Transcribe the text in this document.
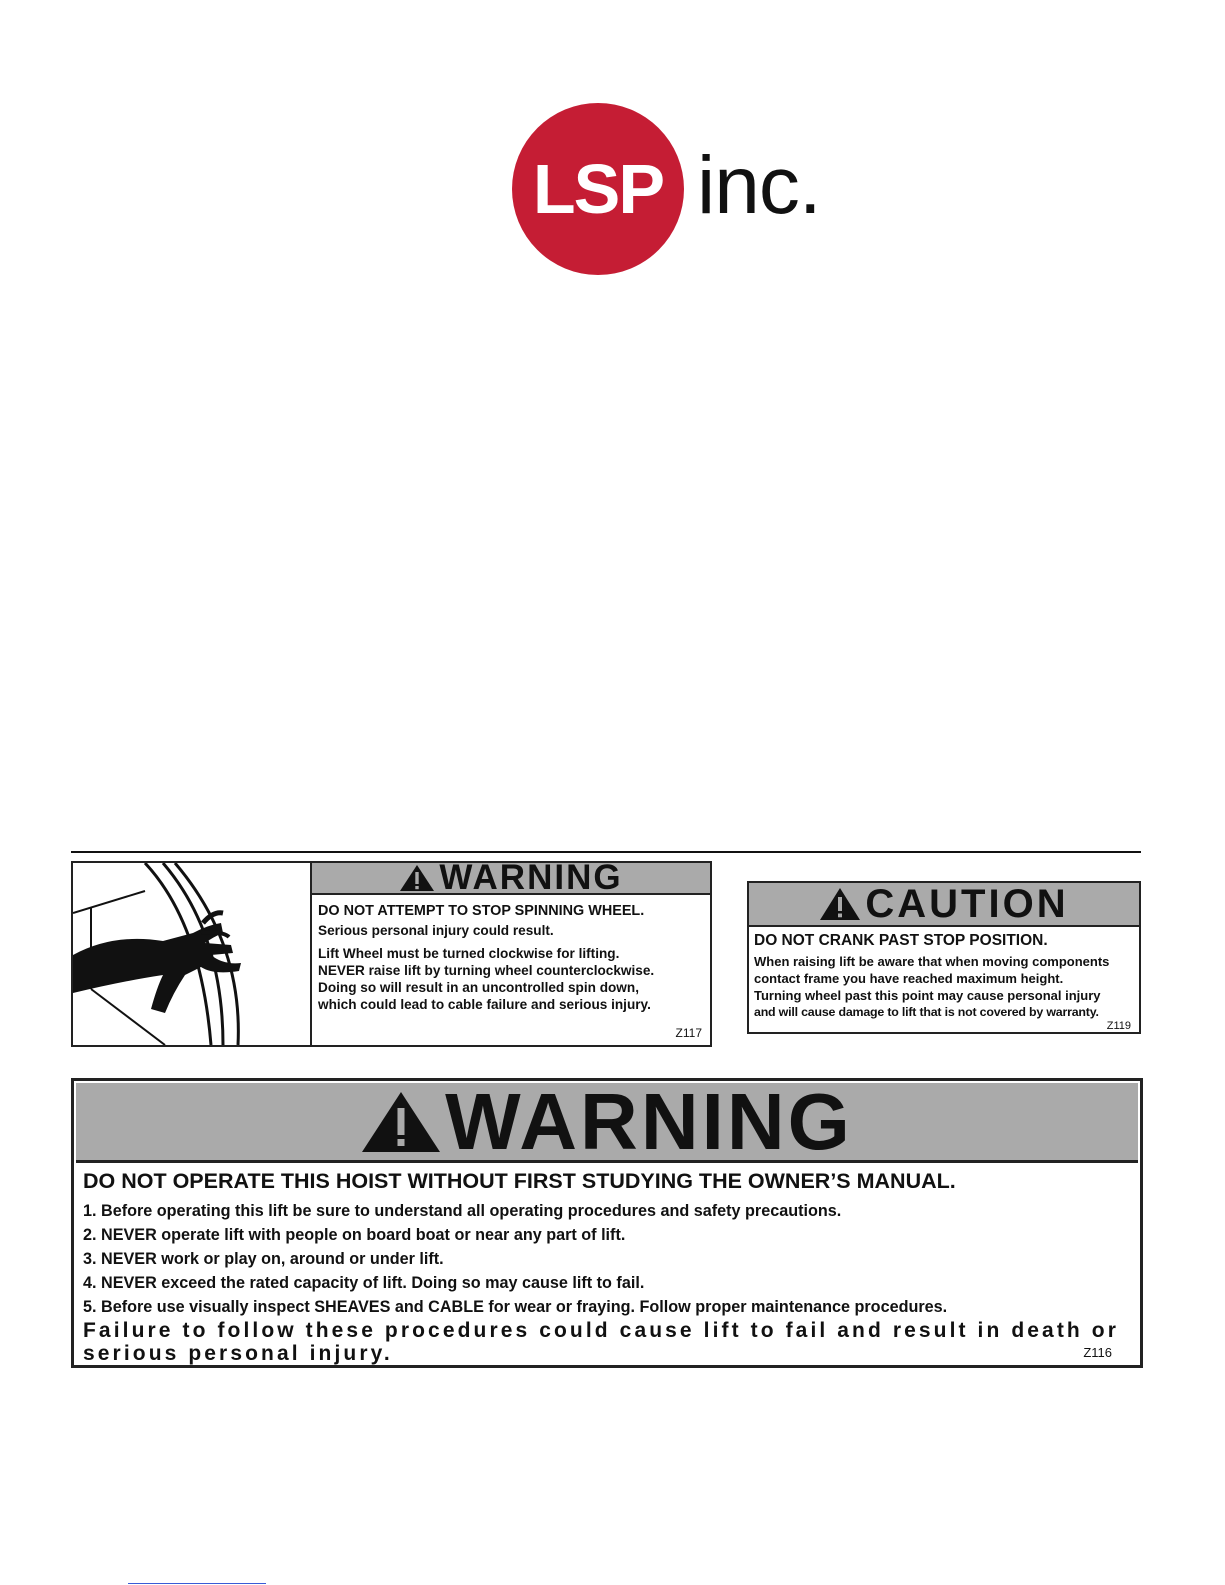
LSP inc.
WARNING
DO NOT ATTEMPT TO STOP SPINNING WHEEL.
Serious personal injury could result.
Lift Wheel must be turned clockwise for lifting.
NEVER raise lift by turning wheel counterclockwise.
Doing so will result in an uncontrolled spin down,
which could lead to cable failure and serious injury.
Z117
CAUTION
DO NOT CRANK PAST STOP POSITION.
When raising lift be aware that when moving components
contact frame you have reached maximum height.
Turning wheel past this point may cause personal injury
and will cause damage to lift that is not covered by warranty.
Z119
WARNING
DO NOT OPERATE THIS HOIST WITHOUT FIRST STUDYING THE OWNER’S MANUAL.
1. Before operating this lift be sure to understand all operating procedures and safety precautions.
2. NEVER operate lift with people on board boat or near any part of lift.
3. NEVER work or play on, around or under lift.
4. NEVER exceed the rated capacity of lift. Doing so may cause lift to fail.
5. Before use visually inspect SHEAVES and CABLE for wear or fraying. Follow proper maintenance procedures.
Failure to follow these procedures could cause lift to fail and result in death or
serious personal injury.	Z116
